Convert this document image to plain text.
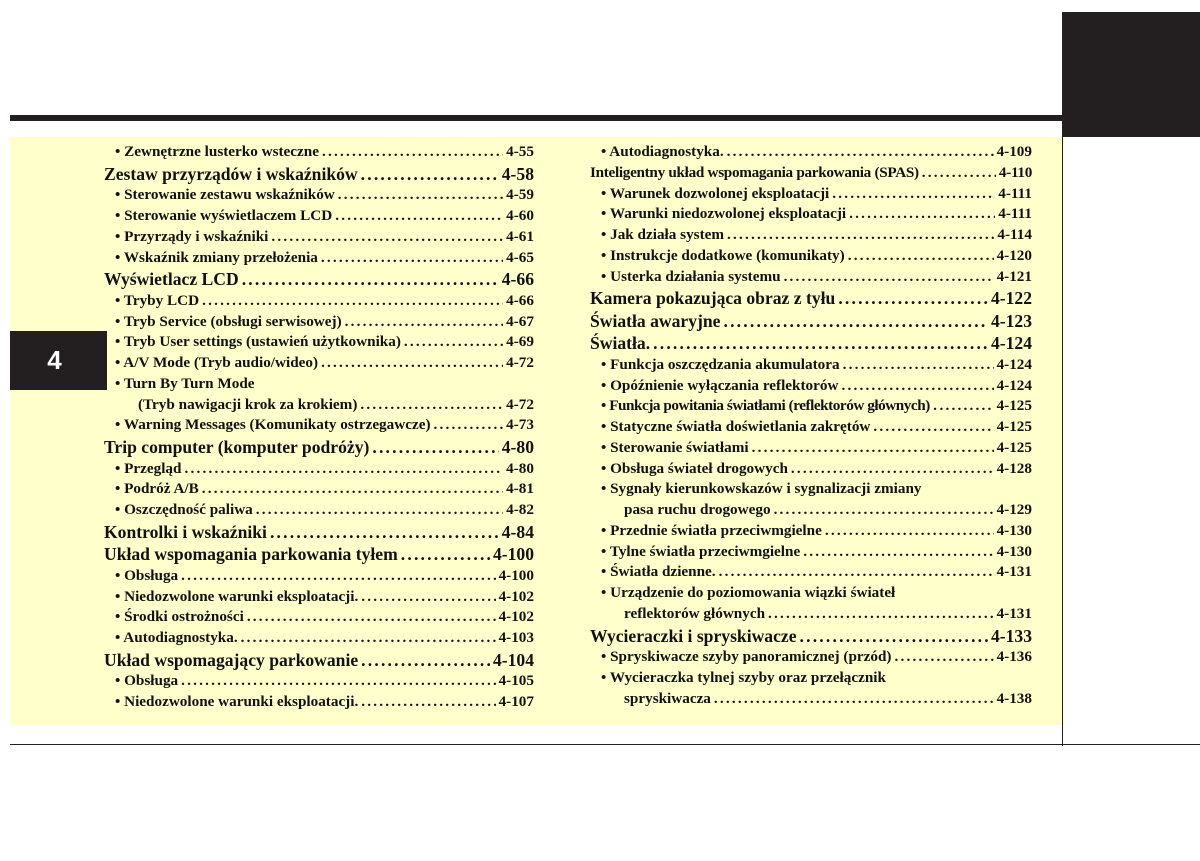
4
• Zewnętrzne lusterko wsteczne .....	4-55
Zestaw przyrządów i wskaźników .....	4-58
• Sterowanie zestawu wskaźników .....	4-59
• Sterowanie wyświetlaczem LCD .....	4-60
• Przyrządy i wskaźniki .....	4-61
• Wskaźnik zmiany przełożenia .....	4-65
Wyświetlacz LCD .....	4-66
• Tryby LCD .....	4-66
• Tryb Service (obsługi serwisowej) .....	4-67
• Tryb User settings (ustawień użytkownika) .....	4-69
• A/V Mode (Tryb audio/wideo) .....	4-72
• Turn By Turn Mode
(Tryb nawigacji krok za krokiem) .....	4-72
• Warning Messages (Komunikaty ostrzegawcze) .....	4-73
Trip computer (komputer podróży) .....	4-80
• Przegląd .....	4-80
• Podróż A/B .....	4-81
• Oszczędność paliwa .....	4-82
Kontrolki i wskaźniki .....	4-84
Układ wspomagania parkowania tyłem .....	4-100
• Obsługa .....	4-100
• Niedozwolone warunki eksploatacji. .....	4-102
• Środki ostrożności .....	4-102
• Autodiagnostyka. .....	4-103
Układ wspomagający parkowanie .....	4-104
• Obsługa .....	4-105
• Niedozwolone warunki eksploatacji. .....	4-107
• Autodiagnostyka. .....	4-109
Inteligentny układ wspomagania parkowania (SPAS) .....	4-110
• Warunek dozwolonej eksploatacji .....	4-111
• Warunki niedozwolonej eksploatacji .....	4-111
• Jak działa system .....	4-114
• Instrukcje dodatkowe (komunikaty) .....	4-120
• Usterka działania systemu .....	4-121
Kamera pokazująca obraz z tyłu .....	4-122
Światła awaryjne .....	4-123
Światła. .....	4-124
• Funkcja oszczędzania akumulatora .....	4-124
• Opóźnienie wyłączania reflektorów .....	4-124
• Funkcja powitania światłami (reflektorów głównych) . .....	4-125
• Statyczne światła doświetlania zakrętów .....	4-125
• Sterowanie światłami .....	4-125
• Obsługa świateł drogowych .....	4-128
• Sygnały kierunkowskazów i sygnalizacji zmiany
pasa ruchu drogowego .....	4-129
• Przednie światła przeciwmgielne .....	4-130
• Tylne światła przeciwmgielne .....	4-130
• Światła dzienne. .....	4-131
• Urządzenie do poziomowania wiązki świateł
reflektorów głównych .....	4-131
Wycieraczki i spryskiwacze .....	4-133
• Spryskiwacze szyby panoramicznej (przód) .....	4-136
• Wycieraczka tylnej szyby oraz przełącznik
spryskiwacza .....	4-138
